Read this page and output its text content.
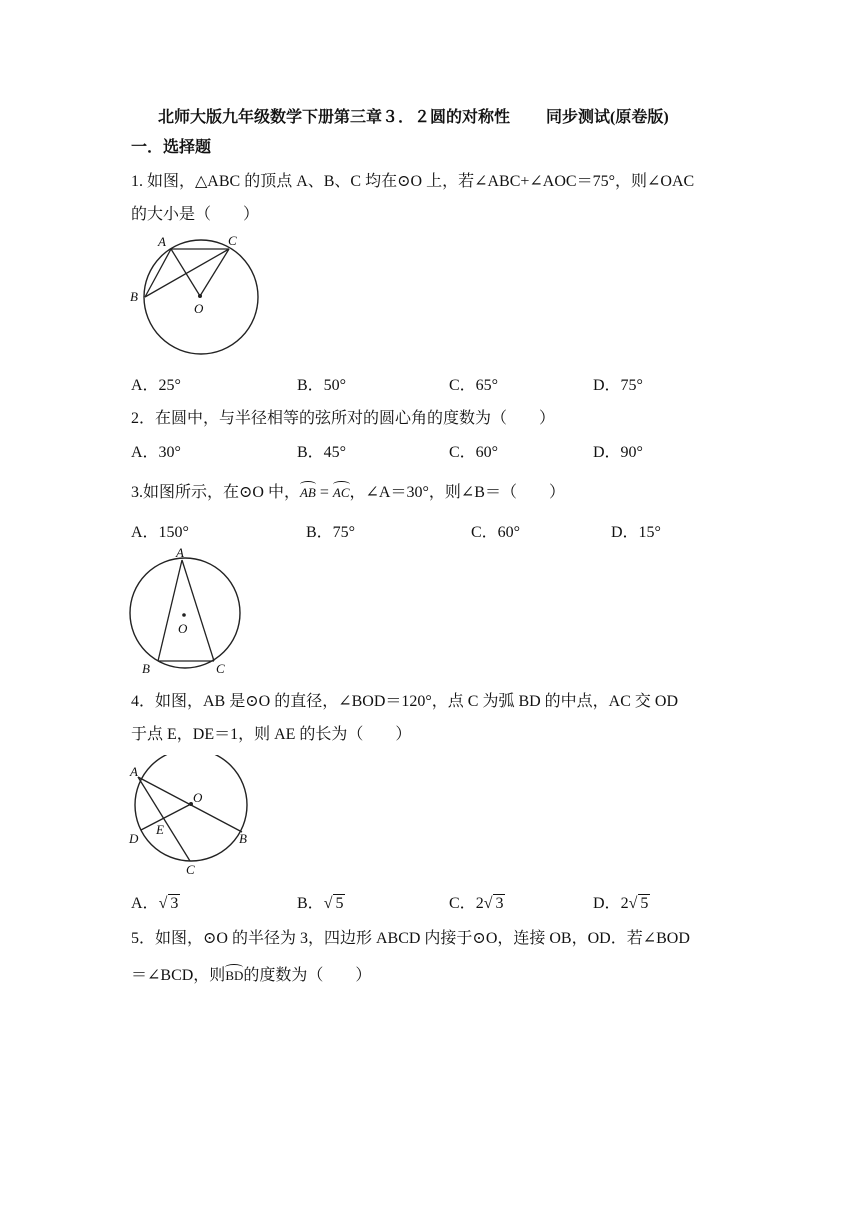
北师大版九年级数学下册第三章３．２圆的对称性　　 同步测试(原卷版)
一．选择题
1. 如图，△ABC 的顶点 A、B、C 均在⊙O 上，若∠ABC+∠AOC＝75°，则∠OAC
的大小是（　　）
A	C
B
O
A．25°	B．50°	C．65°	D．75°
2．在圆中，与半径相等的弦所对的圆心角的度数为（　　）
A．30°	B．45°	C．60°	D．90°
3.如图所示，在⊙O 中，AB = AC，∠A＝30°，则∠B＝（　　）
A．150°	B．75°	C．60°	D．15°
A
O
B	C
4．如图，AB 是⊙O 的直径，∠BOD＝120°，点 C 为弧 BD 的中点，AC 交 OD
于点 E，DE＝1，则 AE 的长为（　　）
A
O
E
D	B
C
A．√ 3	B．√ 5	C．2√ 3	D．2√ 5
5．如图，⊙O 的半径为 3，四边形 ABCD 内接于⊙O，连接 OB，OD．若∠BOD
＝∠BCD，则BD的度数为（　　）
